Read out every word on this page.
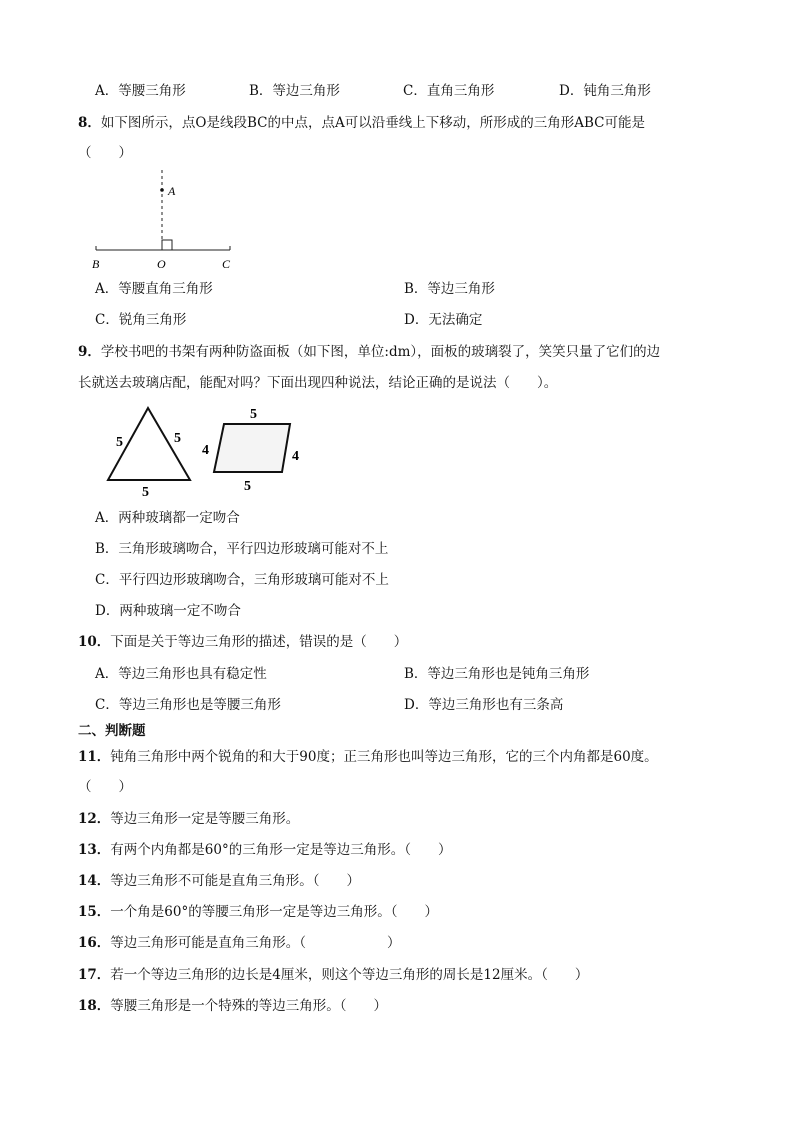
A．等腰三角形	B．等边三角形	C．直角三角形	D．钝角三角形
8．如下图所示，点O是线段BC的中点，点A可以沿垂线上下移动，所形成的三角形ABC可能是
（　　）
A
B	O	C
A．等腰直角三角形	B．等边三角形
C．锐角三角形	D．无法确定
9．学校书吧的书架有两种防盗面板（如下图，单位:dm），面板的玻璃裂了，笑笑只量了它们的边
长就送去玻璃店配，能配对吗？下面出现四种说法，结论正确的是说法（　　）。
5	5
5
5
4	4
5
A．两种玻璃都一定吻合
B．三角形玻璃吻合，平行四边形玻璃可能对不上
C．平行四边形玻璃吻合，三角形玻璃可能对不上
D．两种玻璃一定不吻合
10．下面是关于等边三角形的描述，错误的是（　　）
A．等边三角形也具有稳定性	B．等边三角形也是钝角三角形
C．等边三角形也是等腰三角形	D．等边三角形也有三条高
二、判断题
11．钝角三角形中两个锐角的和大于90度；正三角形也叫等边三角形，它的三个内角都是60度。
（　　）
12．等边三角形一定是等腰三角形。
13．有两个内角都是60°的三角形一定是等边三角形。（　　）
14．等边三角形不可能是直角三角形。（　　）
15．一个角是60°的等腰三角形一定是等边三角形。（　　）
16．等边三角形可能是直角三角形。（　　　　　　）
17．若一个等边三角形的边长是4厘米，则这个等边三角形的周长是12厘米。（　　）
18．等腰三角形是一个特殊的等边三角形。（　　）
